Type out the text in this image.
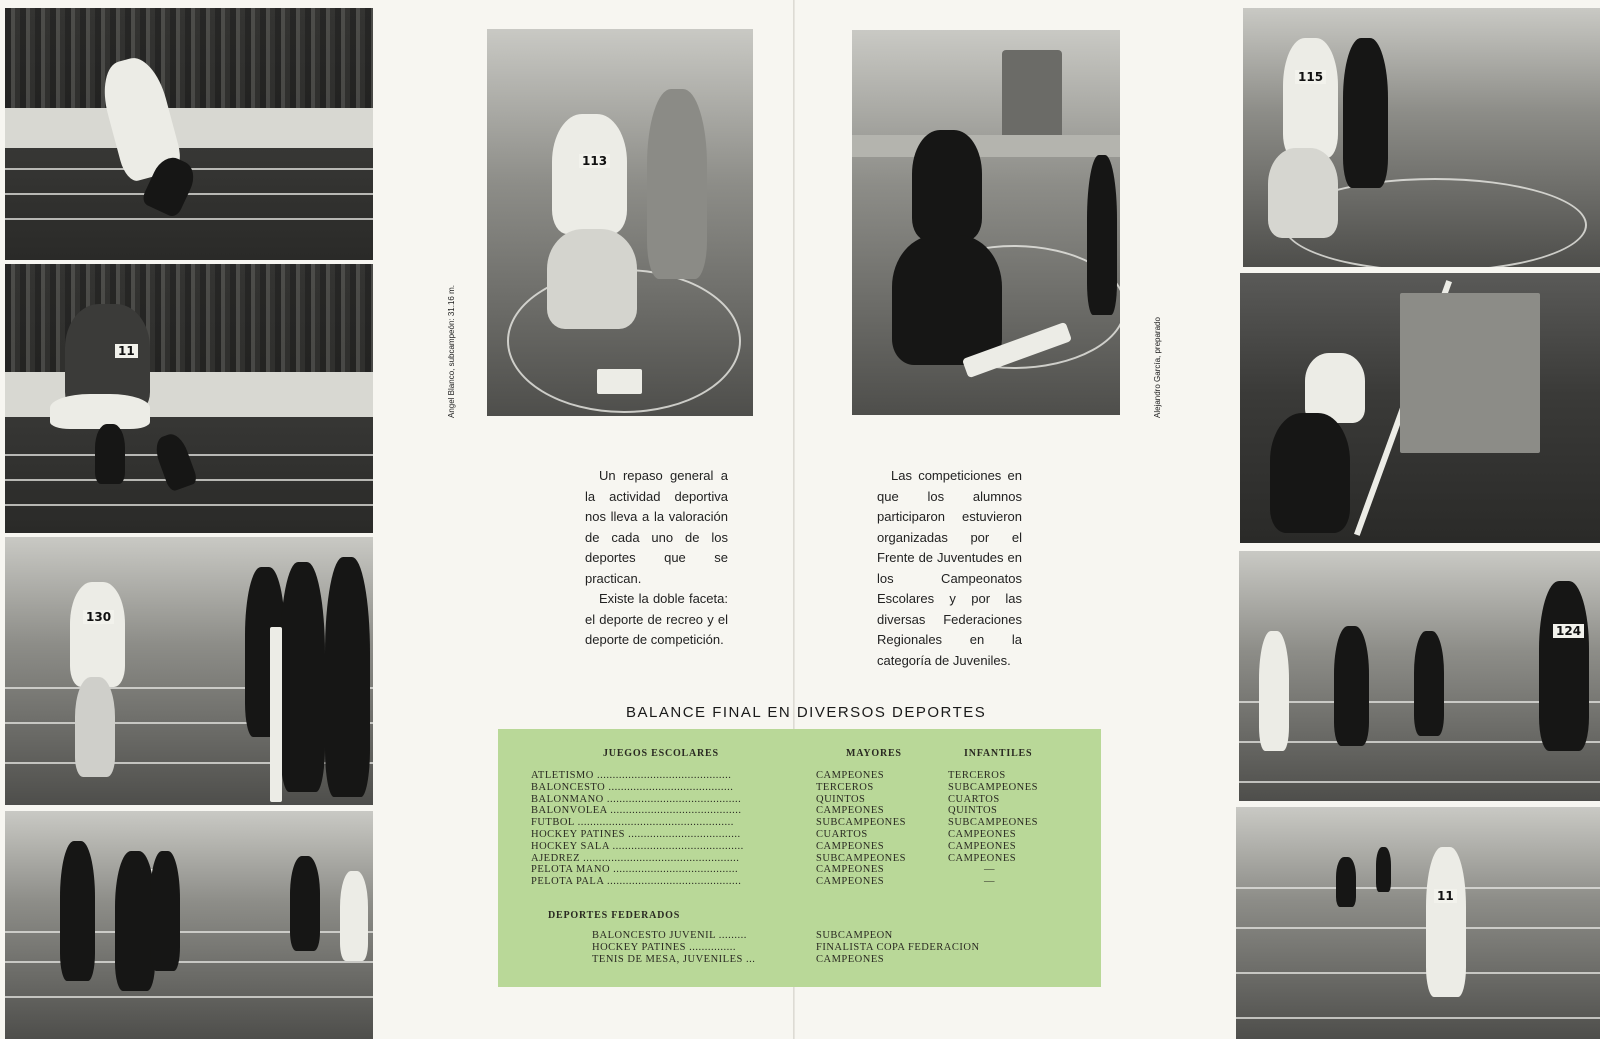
11
130
Angel Blanco, subcampeón: 31.16 m.
113
Alejandro García, preparado

Un repaso general a la actividad deportiva nos lleva a la valoración de cada uno de los deportes que se practican.

Existe la doble faceta: el deporte de recreo y el deporte de competición.

Las competiciones en que los alumnos participaron estuvieron organizadas por el Frente de Juventudes en los Campeonatos Escolares y por las diversas Federaciones Regionales en la categoría de Juveniles.

BALANCE FINAL EN DIVERSOS DEPORTES
JUEGOS ESCOLARES	MAYORES	INFANTILES
ATLETISMO ...........................................
BALONCESTO ........................................
BALONMANO ...........................................
BALONVOLEA ..........................................
FUTBOL ..................................................
HOCKEY PATINES ....................................
HOCKEY SALA ..........................................
AJEDREZ ..................................................
PELOTA MANO ........................................
PELOTA PALA ...........................................
CAMPEONES
TERCEROS
QUINTOS
CAMPEONES
SUBCAMPEONES
CUARTOS
CAMPEONES
SUBCAMPEONES
CAMPEONES
CAMPEONES
TERCEROS
SUBCAMPEONES
CUARTOS
QUINTOS
SUBCAMPEONES
CAMPEONES
CAMPEONES
CAMPEONES
—
—
DEPORTES FEDERADOS
BALONCESTO JUVENIL .........
HOCKEY PATINES ...............
TENIS DE MESA, JUVENILES ...
SUBCAMPEON
FINALISTA COPA FEDERACION
CAMPEONES
115
124
11
